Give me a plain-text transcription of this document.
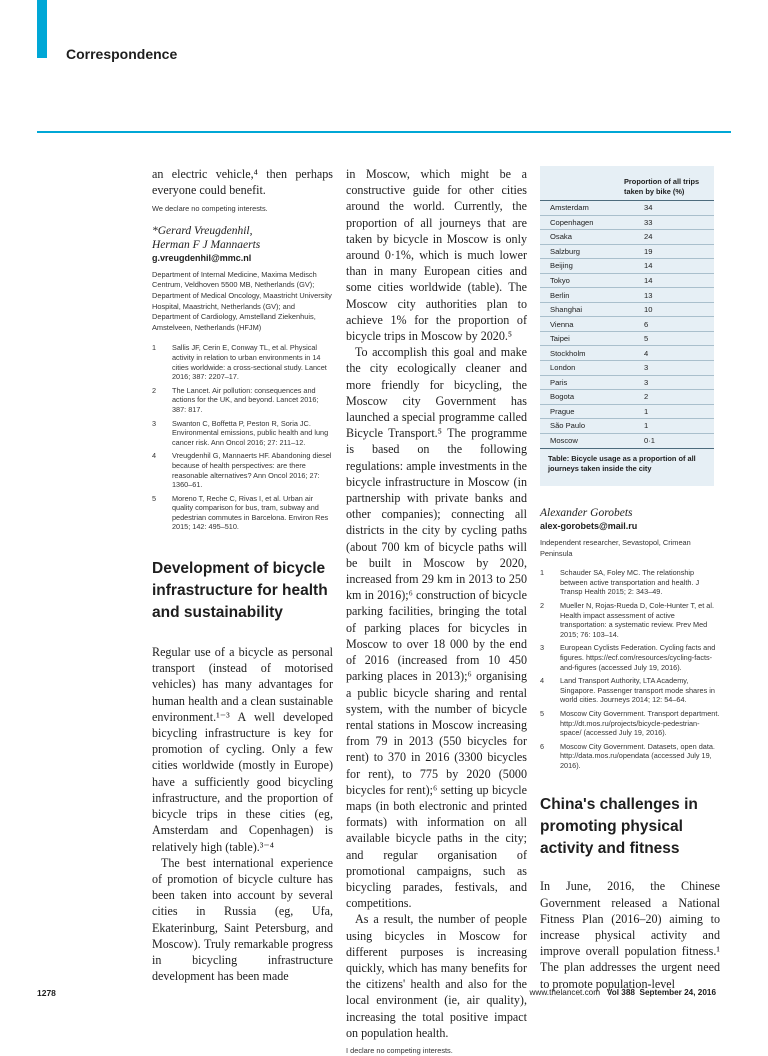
Correspondence

an electric vehicle,⁴ then perhaps everyone could benefit.

We declare no competing interests.
*Gerard Vreugdenhil,
Herman F J Mannaerts
g.vreugdenhil@mmc.nl
Department of Internal Medicine, Maxima Medisch Centrum, Veldhoven 5500 MB, Netherlands (GV); Department of Medical Oncology, Maastricht University Hospital, Maastricht, Netherlands (GV); and Department of Cardiology, Amstelland Ziekenhuis, Amstelveen, Netherlands (HFJM)
1 Sallis JF, Cerin E, Conway TL, et al. Physical activity in relation to urban environments in 14 cities worldwide: a cross-sectional study. Lancet 2016; 387: 2207–17.
2 The Lancet. Air pollution: consequences and actions for the UK, and beyond. Lancet 2016; 387: 817.
3 Swanton C, Boffetta P, Peston R, Soria JC. Environmental emissions, public health and lung cancer risk. Ann Oncol 2016; 27: 211–12.
4 Vreugdenhil G, Mannaerts HF. Abandoning diesel because of health perspectives: are there reasonable alternatives? Ann Oncol 2016; 27: 1360–61.
5 Moreno T, Reche C, Rivas I, et al. Urban air quality comparison for bus, tram, subway and pedestrian commutes in Barcelona. Environ Res 2015; 142: 495–510.
Development of bicycle infrastructure for health and sustainability

Regular use of a bicycle as personal transport (instead of motorised vehicles) has many advantages for human health and a clean sustainable environment.¹⁻³ A well developed bicycling infrastructure is key for promotion of cycling. Only a few cities worldwide (mostly in Europe) have a sufficiently good bicycling infrastructure, and the proportion of bicycle trips in these cities (eg, Amsterdam and Copenhagen) is relatively high (table).³⁻⁴

The best international experience of promotion of bicycle culture has been taken into account by several cities in Russia (eg, Ufa, Ekaterinburg, Saint Petersburg, and Moscow). Truly remarkable progress in bicycling infrastructure development has been made

in Moscow, which might be a constructive guide for other cities around the world. Currently, the proportion of all journeys that are taken by bicycle in Moscow is only around 0·1%, which is much lower than in many European cities and some cities worldwide (table). The Moscow city authorities plan to achieve 1% for the proportion of bicycle trips in Moscow by 2020.⁵

To accomplish this goal and make the city ecologically cleaner and more friendly for bicycling, the Moscow city Government has launched a special programme called Bicycle Transport.⁵ The programme is based on the following regulations: ample investments in the bicycle infrastructure in Moscow (in partnership with private banks and other companies); connecting all districts in the city by cycling paths (about 700 km of bicycle paths will be built in Moscow by 2020, increased from 29 km in 2013 to 250 km in 2016);⁶ construction of bicycle parking facilities, bringing the total of parking places for bicycles in Moscow to over 18 000 by the end of 2016 (increased from 10 450 parking places in 2013);⁶ organising a public bicycle sharing and rental system, with the number of bicycle rental stations in Moscow increasing from 79 in 2013 (550 bicycles for rent) to 370 in 2016 (3300 bicycles for rent), to 775 by 2020 (5000 bicycles for rent);⁶ setting up bicycle maps (in both electronic and printed formats) with information on all available bicycle paths in the city; and regular organisation of promotional campaigns, such as bicycling parades, festivals, and competitions.

As a result, the number of people using bicycles in Moscow for different purposes is increasing quickly, which has many benefits for the citizens' health and also for the local environment (ie, air quality), increasing the total positive impact on population health.

I declare no competing interests.
Proportion of all trips taken by bike (%)	
Amsterdam	34
Copenhagen	33
Osaka	24
Salzburg	19
Beijing	14
Tokyo	14
Berlin	13
Shanghai	10
Vienna	6
Taipei	5
Stockholm	4
London	3
Paris	3
Bogota	2
Prague	1
São Paulo	1
Moscow	0·1
Table: Bicycle usage as a proportion of all journeys taken inside the city
Alexander Gorobets
alex-gorobets@mail.ru
Independent researcher, Sevastopol, Crimean Peninsula
1 Schauder SA, Foley MC. The relationship between active transportation and health. J Transp Health 2015; 2: 343–49.
2 Mueller N, Rojas-Rueda D, Cole-Hunter T, et al. Health impact assessment of active transportation: a systematic review. Prev Med 2015; 76: 103–14.
3 European Cyclists Federation. Cycling facts and figures. https://ecf.com/resources/cycling-facts-and-figures (accessed July 19, 2016).
4 Land Transport Authority, LTA Academy, Singapore. Passenger transport mode shares in world cities. Journeys 2014; 12: 54–64.
5 Moscow City Government. Transport department. http://dt.mos.ru/projects/bicycle-pedestrian-space/ (accessed July 19, 2016).
6 Moscow City Government. Datasets, open data. http://data.mos.ru/opendata (accessed July 19, 2016).
China's challenges in promoting physical activity and fitness

In June, 2016, the Chinese Government released a National Fitness Plan (2016–20) aiming to increase physical activity and improve overall population fitness.¹ The plan addresses the urgent need to promote population-level

1278	www.thelancet.com Vol 388 September 24, 2016
